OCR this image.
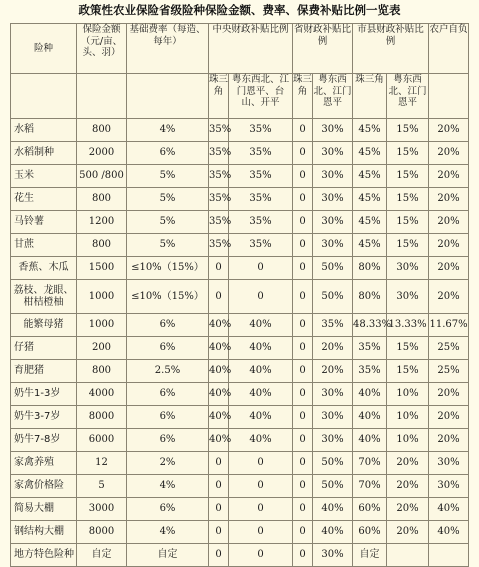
政策性农业保险省级险种保险金额、费率、保费补贴比例一览表
险种	保险金额（元/亩、头、羽）	基础费率（每造、每年）	中央财政补贴比例		省财政补贴比例		市县财政补贴比例		农户自负
			珠三角	粤东西北、江门恩平、台山、开平	珠三角	粤东西北、江门恩平	珠三角	粤东西北、江门恩平	
水稻	800	4%	35%	35%	0	30%	45%	15%	20%
水稻制种	2000	6%	35%	35%	0	30%	45%	15%	20%
玉米	500 /800	5%	35%	35%	0	30%	45%	15%	20%
花生	800	5%	35%	35%	0	30%	45%	15%	20%
马铃薯	1200	5%	35%	35%	0	30%	45%	15%	20%
甘蔗	800	5%	35%	35%	0	30%	45%	15%	20%
香蕉、木瓜	1500	≤10%（15%）	0	0	0	50%	80%	30%	20%
荔枝、龙眼、柑桔橙柚	1000	≤10%（15%）	0	0	0	50%	80%	30%	20%
能繁母猪	1000	6%	40%	40%	0	35%	48.33%	13.33%	11.67%
仔猪	200	6%	40%	40%	0	20%	35%	15%	25%
育肥猪	800	2.5%	40%	40%	0	20%	35%	15%	25%
奶牛1-3岁	4000	6%	40%	40%	0	30%	40%	10%	20%
奶牛3-7岁	8000	6%	40%	40%	0	30%	40%	10%	20%
奶牛7-8岁	6000	6%	40%	40%	0	30%	40%	10%	20%
家禽养殖	12	2%	0	0	0	50%	70%	20%	30%
家禽价格险	5	4%	0	0	0	50%	70%	20%	30%
简易大棚	3000	6%	0	0	0	40%	60%	20%	40%
钢结构大棚	8000	4%	0	0	0	40%	60%	20%	40%
地方特色险种	自定	自定	0	0	0	30%	自定		
